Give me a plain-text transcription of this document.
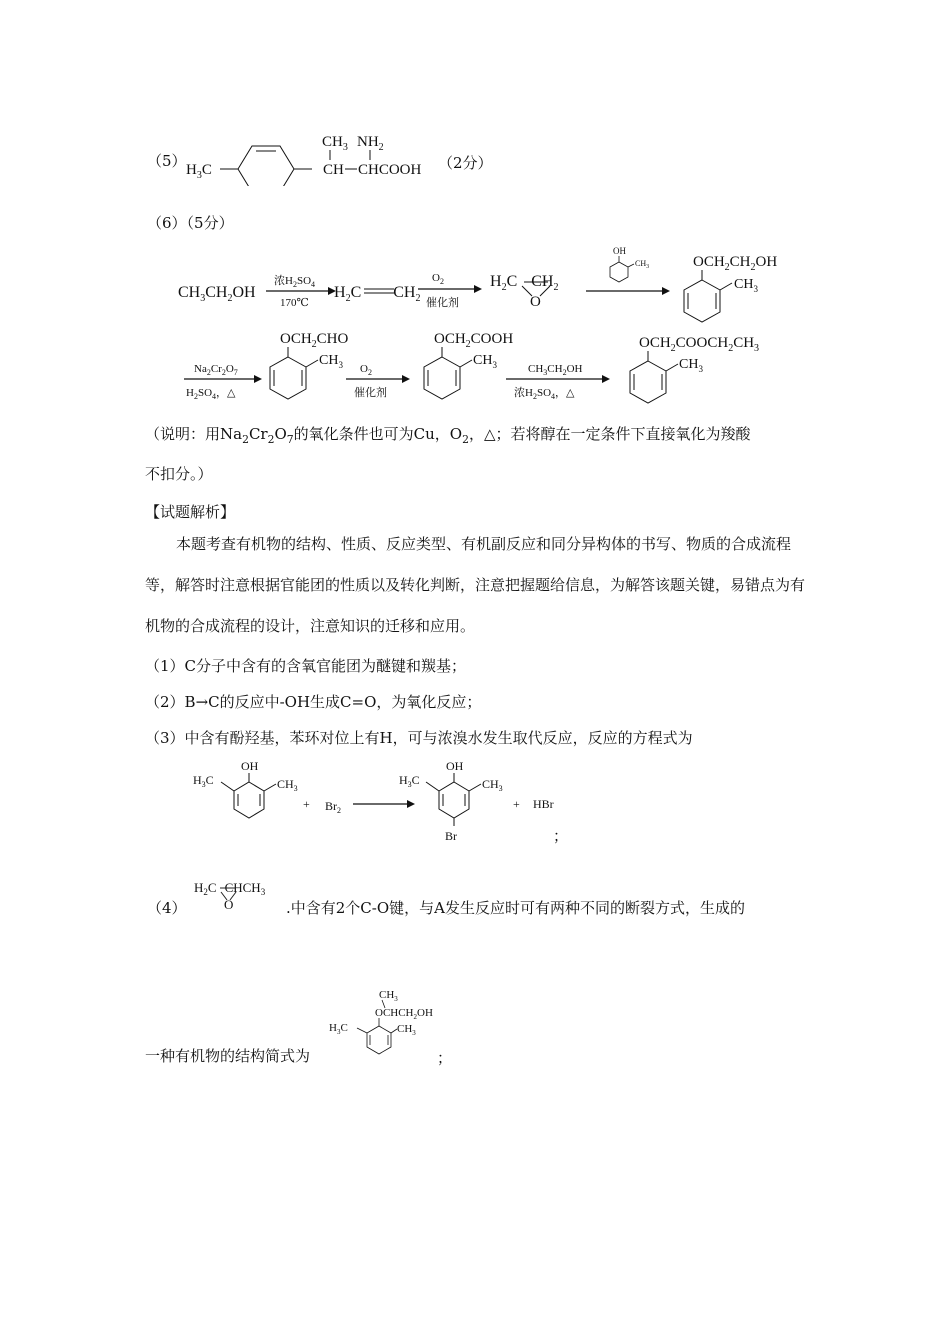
（5） $H_3C$
$CH_3$ $NH_2$
CH CHCOOH （2分）
（6）（5分）
$CH_3CH_2OH$
浓$H_2SO_4$
170℃
$H_2C$ $CH_2$
$O_2$
催化剂
$H_2C$ $CH_2$
O
OH
$CH_3$	$OCH_2CH_2OH$
$CH_3$
$Na_2Cr_2O_7$
$H_2SO_4$，△
$OCH_2CHO$
$CH_3$ $O_2$
催化剂
$OCH_2COOH$
$CH_3$	$CH_3CH_2OH$
浓$H_2SO_4$，△
$OCH_2COOCH_2CH_3$
$CH_3$
（说明：用$Na_2Cr_2O_7$的氧化条件也可为Cu，$O_2$，△；若将醇在一定条件下直接氧化为羧酸
不扣分。）
【试题解析】
本题考查有机物的结构、性质、反应类型、有机副反应和同分异构体的书写、物质的合成流程等，解答时注意根据官能团的性质以及转化判断，注意把握题给信息，为解答该题关键，易错点为有机物的合成流程的设计，注意知识的迁移和应用。
（1）C分子中含有的含氧官能团为醚键和羰基；
（2）B→C的反应中-OH生成C=O，为氧化反应；
（3）中含有酚羟基，苯环对位上有H，可与浓溴水发生取代反应，反应的方程式为
$H_3C$
OH
$CH_3$
+ $Br_2$
$H_3C$
OH
$CH_3$
Br
+ HBr
；
（4）
$H_2C$ $CHCH_3$
O	.中含有2个C-O键，与A发生反应时可有两种不同的断裂方式，生成的
$CH_3$
$OCHCH_2OH$
$H_3C$	$CH_3$
一种有机物的结构简式为	；
